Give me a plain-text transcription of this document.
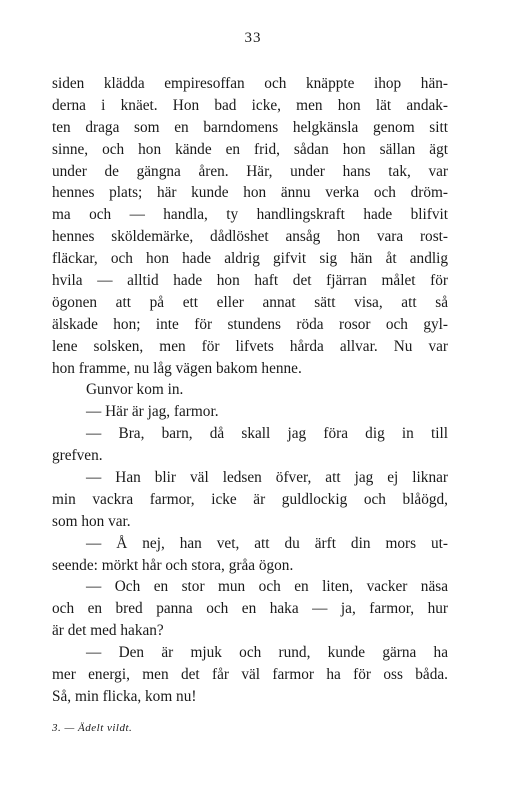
33
siden klädda empiresoffan och knäppte ihop hän-
derna i knäet. Hon bad icke, men hon lät andak-
ten draga som en barndomens helgkänsla genom sitt
sinne, och hon kände en frid, sådan hon sällan ägt
under de gängna åren. Här, under hans tak, var
hennes plats; här kunde hon ännu verka och dröm-
ma och — handla, ty handlingskraft hade blifvit
hennes sköldemärke, dådlöshet ansåg hon vara rost-
fläckar, och hon hade aldrig gifvit sig hän åt andlig
hvila — alltid hade hon haft det fjärran målet för
ögonen att på ett eller annat sätt visa, att så
älskade hon; inte för stundens röda rosor och gyl-
lene solsken, men för lifvets hårda allvar. Nu var
hon framme, nu låg vägen bakom henne.
Gunvor kom in.
— Här är jag, farmor.
— Bra, barn, då skall jag föra dig in till
grefven.
— Han blir väl ledsen öfver, att jag ej liknar
min vackra farmor, icke är guldlockig och blåögd,
som hon var.
— Å nej, han vet, att du ärft din mors ut-
seende: mörkt hår och stora, gråa ögon.
— Och en stor mun och en liten, vacker näsa
och en bred panna och en haka — ja, farmor, hur
är det med hakan?
— Den är mjuk och rund, kunde gärna ha
mer energi, men det får väl farmor ha för oss båda.
Så, min flicka, kom nu!
3. — Ädelt vildt.
